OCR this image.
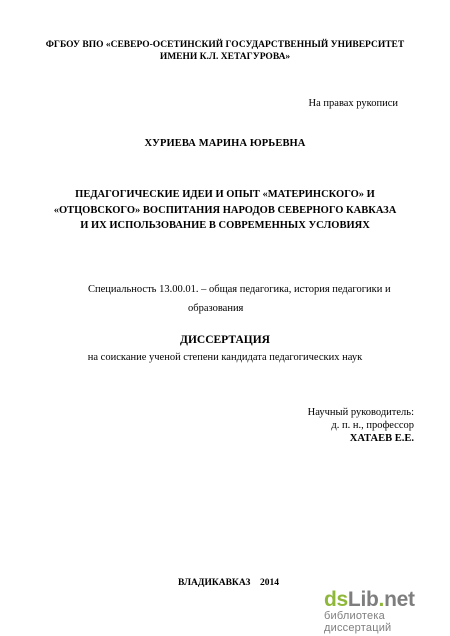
ФГБОУ ВПО «СЕВЕРО-ОСЕТИНСКИЙ ГОСУДАРСТВЕННЫЙ УНИВЕРСИТЕТ
ИМЕНИ К.Л. ХЕТАГУРОВА»
На правах рукописи
ХУРИЕВА МАРИНА ЮРЬЕВНА
ПЕДАГОГИЧЕСКИЕ ИДЕИ И ОПЫТ «МАТЕРИНСКОГО» И
«ОТЦОВСКОГО» ВОСПИТАНИЯ НАРОДОВ СЕВЕРНОГО КАВКАЗА
И ИХ ИСПОЛЬЗОВАНИЕ В СОВРЕМЕННЫХ УСЛОВИЯХ
Специальность 13.00.01. – общая педагогика, история педагогики и
образования
ДИССЕРТАЦИЯ
на соискание ученой степени кандидата педагогических наук
Научный руководитель:
д. п. н., профессор
ХАТАЕВ Е.Е.
ВЛАДИКАВКАЗ 2014
dsLib.net
библиотека диссертаций
